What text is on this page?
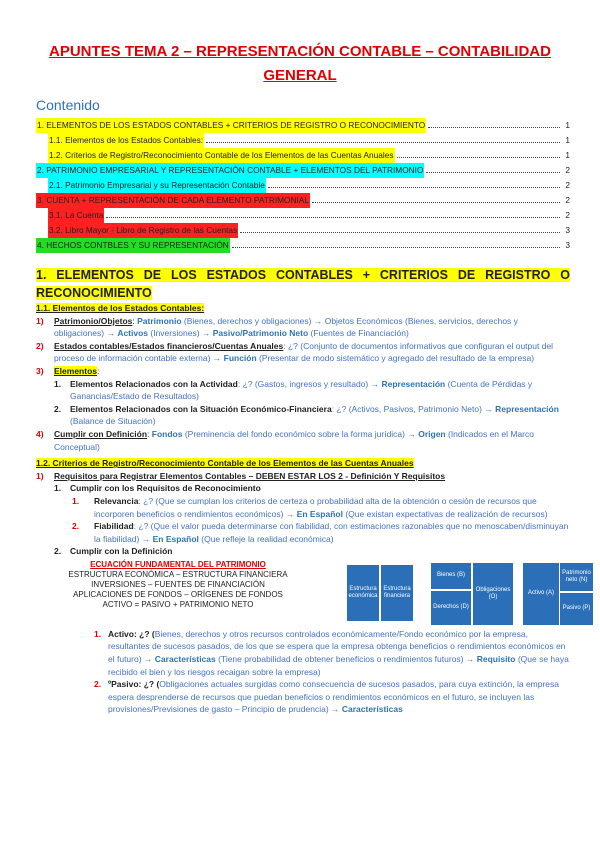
APUNTES TEMA 2 – REPRESENTACIÓN CONTABLE – CONTABILIDAD GENERAL
Contenido
1. ELEMENTOS DE LOS ESTADOS CONTABLES + CRITERIOS DE REGISTRO O RECONOCIMIENTO	1
1.1. Elementos de los Estados Contables:	1
1.2. Criterios de Registro/Reconocimiento Contable de los Elementos de las Cuentas Anuales	1
2. PATRIMONIO EMPRESARIAL Y REPRESENTACIÓN CONTABLE + ELEMENTOS DEL PATRIMONIO	2
2.1. Patrimonio Empresarial y su Representación Contable	2
3. CUENTA + REPRESENTACIÓN DE CADA ELEMENTO PATRIMONIAL	2
3.1. La Cuenta	2
3.2. Libro Mayor - Libro de Registro de las Cuentas	3
4. HECHOS CONTBLES Y SU REPRESENTACIÓN	3
1. ELEMENTOS DE LOS ESTADOS CONTABLES + CRITERIOS DE REGISTRO O RECONOCIMIENTO
1.1. Elementos de los Estados Contables:
1)	Patrimonio/Objetos: Patrimonio (Bienes, derechos y obligaciones) → Objetos Económicos (Bienes, servicios, derechos y obligaciones) → Activos (Inversiones) → Pasivo/Patrimonio Neto (Fuentes de Financiación)
2)	Estados contables/Estados financieros/Cuentas Anuales: ¿? (Conjunto de documentos informativos que configuran el output del proceso de información contable externa) → Función (Presentar de modo sistemático y agregado del resultado de la empresa)
3)	Elementos:
1.	Elementos Relacionados con la Actividad: ¿? (Gastos, ingresos y resultado) → Representación (Cuenta de Pérdidas y Ganancias/Estado de Resultados)
2.	Elementos Relacionados con la Situación Económico-Financiera: ¿? (Activos, Pasivos, Patrimonio Neto) → Representación (Balance de Situación)
4)	Cumplir con Definición: Fondos (Preminencia del fondo económico sobre la forma jurídica) → Origen (Indicados en el Marco Conceptual)
1.2. Criterios de Registro/Reconocimiento Contable de los Elementos de las Cuentas Anuales
1)	Requisitos para Registrar Elementos Contables – DEBEN ESTAR LOS 2 - Definición Y Requisitos
1.	Cumplir con los Requisitos de Reconocimiento
1.	Relevancia: ¿? (Que se cumplan los criterios de certeza o probabilidad alta de la obtención o cesión de recursos que incorporen beneficios o rendimientos económicos) → En Español (Que existan expectativas de realización de recursos)
2.	Fiabilidad: ¿? (Que el valor pueda determinarse con fiabilidad, con estimaciones razonables que no menoscaben/disminuyan la fiabilidad) → En Español (Que refleje la realidad económica)
2.	Cumplir con la Definición
ECUACIÓN FUNDAMENTAL DEL PATRIMONIO
ESTRUCTURA ECONÓMICA – ESTRUCTURA FINANCIERA
INVERSIONES – FUENTES DE FINANCIACIÓN
APLICACIONES DE FONDOS – ORÍGENES DE FONDOS
ACTIVO = PASIVO + PATRIMONIO NETO
Estructura económica
Estructura financiera
Bienes (B)
Derechos (D)
Obligaciones (O)
Activo (A)
Patrimonio neto (N)
Pasivo (P)
1. Activo: ¿? (Bienes, derechos y otros recursos controlados económicamente/Fondo económico por la empresa, resultantes de sucesos pasados, de los que se espera que la empresa obtenga beneficios o rendimientos económicos en el futuro) → Características (Tiene probabilidad de obtener beneficios o rendimientos futuros) → Requisito (Que se haya recibido el bien y los riesgos recaigan sobre la empresa)
2. ºPasivo: ¿? (Obligaciones actuales surgidas como consecuencia de sucesos pasados, para cuya extinción, la empresa espera desprenderse de recursos que puedan beneficios o rendimientos económicos en el futuro, se incluyen las provisiones/Previsiones de gasto – Principio de prudencia) → Características
